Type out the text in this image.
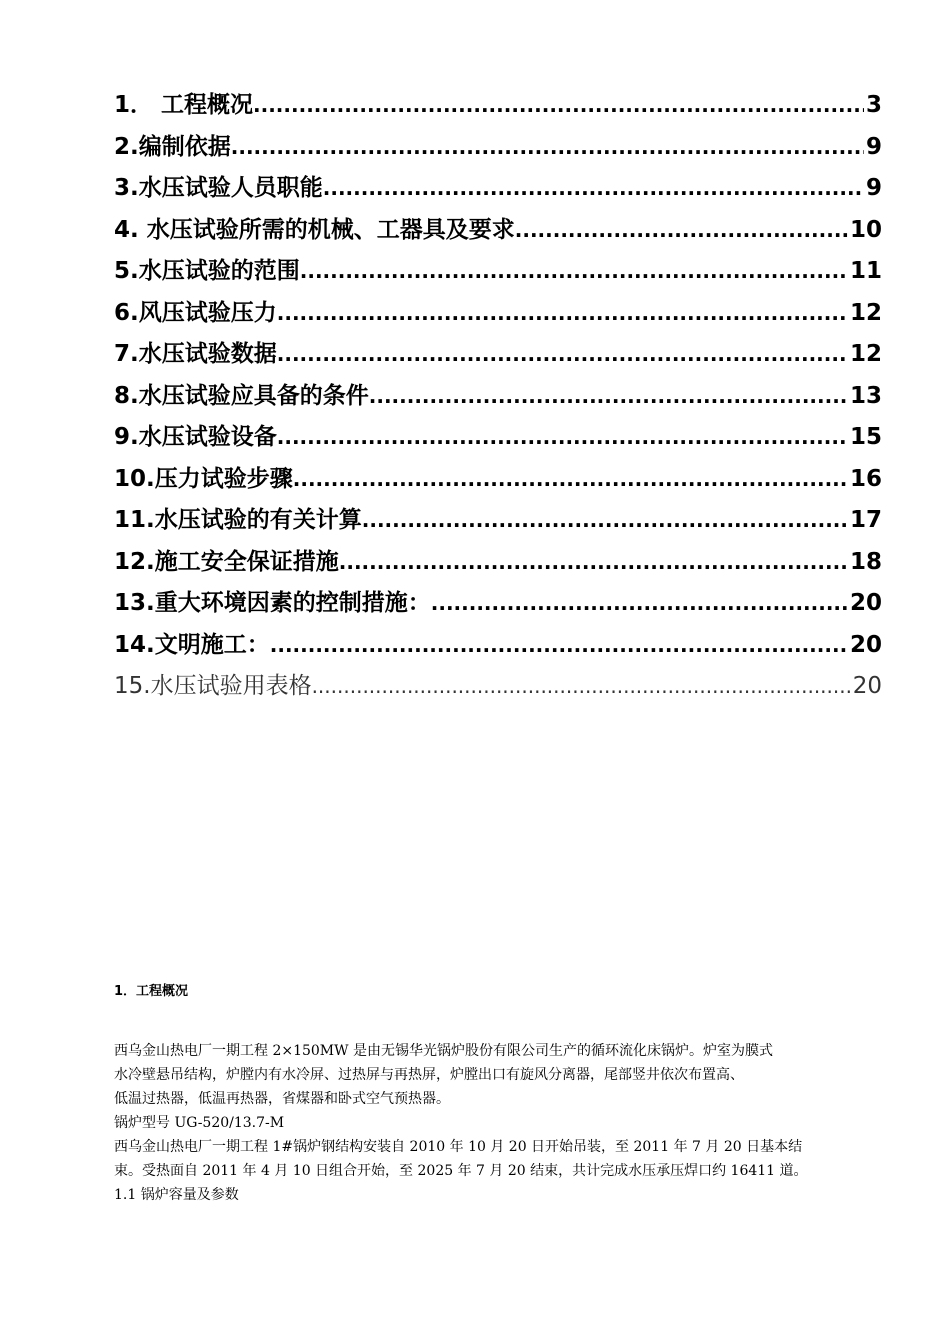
1． 工程概况 .....	3
2.编制依据 .....	9
3.水压试验人员职能 .....	9
4. 水压试验所需的机械、工器具及要求 .....	10
5.水压试验的范围 .....	11
6.风压试验压力 .....	12
7.水压试验数据 .....	12
8.水压试验应具备的条件 .....	13
9.水压试验设备 .....	15
10.压力试验步骤 .....	16
11.水压试验的有关计算 .....	17
12.施工安全保证措施 .....	18
13.重大环境因素的控制措施： .....	20
14.文明施工： .....	20
15.水压试验用表格 .....	20

1．工程概况

西乌金山热电厂一期工程 2×150MW 是由无锡华光锅炉股份有限公司生产的循环流化床锅炉。炉室为膜式

水冷壁悬吊结构，炉膛内有水冷屏、过热屏与再热屏，炉膛出口有旋风分离器，尾部竖井依次布置高、

低温过热器，低温再热器，省煤器和卧式空气预热器。

锅炉型号 UG-520/13.7-M

西乌金山热电厂一期工程 1#锅炉钢结构安装自 2010 年 10 月 20 日开始吊装，至 2011 年 7 月 20 日基本结

束。受热面自 2011 年 4 月 10 日组合开始，至 2025 年 7 月 20 结束，共计完成水压承压焊口约 16411 道。

1.1 锅炉容量及参数
